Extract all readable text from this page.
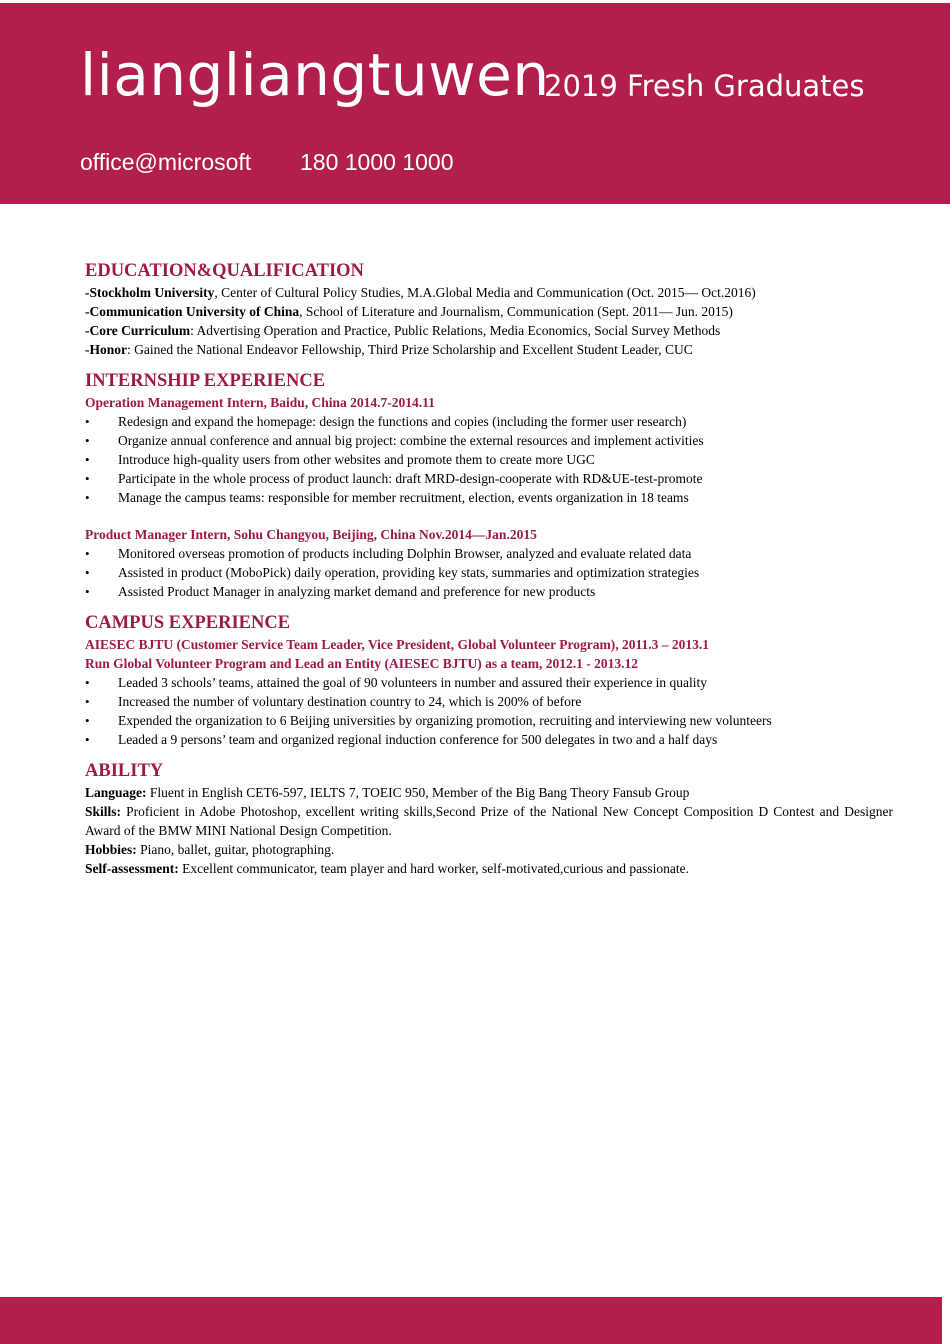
liangliangtuwen
2019 Fresh Graduates
office@microsoft 180 1000 1000

EDUCATION&QUALIFICATION

-Stockholm University, Center of Cultural Policy Studies, M.A.Global Media and Communication (Oct. 2015— Oct.2016)

-Communication University of China, School of Literature and Journalism, Communication (Sept. 2011— Jun. 2015)

-Core Curriculum: Advertising Operation and Practice, Public Relations, Media Economics, Social Survey Methods

-Honor: Gained the National Endeavor Fellowship, Third Prize Scholarship and Excellent Student Leader, CUC

INTERNSHIP EXPERIENCE

Operation Management Intern, Baidu, China 2014.7-2014.11

• Redesign and expand the homepage: design the functions and copies (including the former user research)
• Organize annual conference and annual big project: combine the external resources and implement activities
• Introduce high-quality users from other websites and promote them to create more UGC
• Participate in the whole process of product launch: draft MRD-design-cooperate with RD&UE-test-promote
• Manage the campus teams: responsible for member recruitment, election, events organization in 18 teams

Product Manager Intern, Sohu Changyou, Beijing, China Nov.2014—Jan.2015

• Monitored overseas promotion of products including Dolphin Browser, analyzed and evaluate related data
• Assisted in product (MoboPick) daily operation, providing key stats, summaries and optimization strategies
• Assisted Product Manager in analyzing market demand and preference for new products

CAMPUS EXPERIENCE

AIESEC BJTU (Customer Service Team Leader, Vice President, Global Volunteer Program), 2011.3 – 2013.1

Run Global Volunteer Program and Lead an Entity (AIESEC BJTU) as a team, 2012.1 - 2013.12

• Leaded 3 schools’ teams, attained the goal of 90 volunteers in number and assured their experience in quality
• Increased the number of voluntary destination country to 24, which is 200% of before
• Expended the organization to 6 Beijing universities by organizing promotion, recruiting and interviewing new volunteers
• Leaded a 9 persons’ team and organized regional induction conference for 500 delegates in two and a half days

ABILITY

Language: Fluent in English CET6-597, IELTS 7, TOEIC 950, Member of the Big Bang Theory Fansub Group

Skills: Proficient in Adobe Photoshop, excellent writing skills,Second Prize of the National New Concept Composition D Contest and Designer Award of the BMW MINI National Design Competition.

Hobbies: Piano, ballet, guitar, photographing.

Self-assessment: Excellent communicator, team player and hard worker, self-motivated,curious and passionate.
